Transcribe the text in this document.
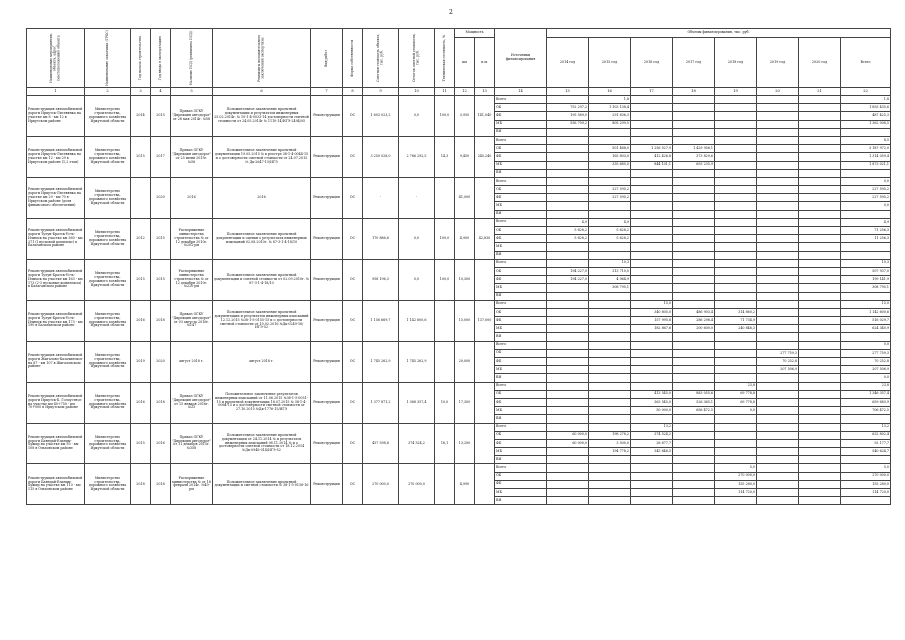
2
Наименование мероприятия, объекта, адрес (местоположение) объекта	Наименование заказчика (ГРБС)	Год начала строительства	Год ввода в эксплуатацию	Наличие ПСД (реквизиты ПСД)	Реквизиты положительного заключения экспертизы	Вид работ	Форма собственности	Сметная стоимость объекта, тыс. руб.	Остаток сметной стоимости, тыс. руб.	Техническая готовность, %	Мощность		Источники финансирования	Объемы финансирования, тыс. руб.							
											км	п.м.		2014 год	2015 год	2016 год	2017 год	2018 год	2019 год	2020 год	Всего
1	2	3	4	5	6	7	8	9	10	11	12	13	14	15	16	17	18	19	20	21	22
Реконструкция автомобильной дороги Иркутск-Листвянка на участке км 8 - км 12 в Иркутском районе	Министерство строительства, дорожного хозяйства Иркутской области	2014	2015	Приказ ОГКУ "Дирекция автодорог" от 28 мая 2014г. №58	Положительное заключение проектной документации и результатов инженерных 25.02.2014г. № 10-1-4-0033-14 достоверности сметной стоимости от 24.05.2014г № 1110-14/ИГЭ-2494/05	Реконструкция	ОС	1 603 023,2	0,0	100,0	3,950	141,040	Всего		1,8						1,8
													ОБ	752 297,2	1 103 138,4						1 855 435,6
													ФБ	195 589,0	291 836,3						487 425,3
													МБ	556 709,2	805 299,5						1 362 008,5
													ВИ								
Реконструкция автомобильной дороги Иркутск-Листвянка на участке км 12 - км 29 в Иркутском районе (1,2 этап)	Министерство строительства, дорожного хозяйства Иркутской области	2015	2017	Приказ ОГКУ "Дирекция автодорог" от 25 июня 2015г. №58	Положительное заключение проектной документации 19.05.2015 № в реестре 38-1-4-0044-15 и о достоверности сметной стоимости от 24.07.2015 № Дк-2647-15/ИГЭ	Реконструкция	ОС	3 250 028,0	2 786 292,5	14,3	9,450	245,240	Всего								8,5
													ОБ		501 488,0	1 256 527,9	1 429 956,1				3 187 972,0
													ФБ		165 803,0	412 426,8	373 829,6				1 314 059,4
													МБ		335 685,0	844 101,1	693 235,9				1 873 021,1
													ВИ								
Реконструкция автомобильной дороги Иркутск-Листвянка на участке км 29 - км 70 в Иркутском районе (доля финансового обеспечения)	Министерство строительства, дорожного хозяйства Иркутской области		2020	2016	2016	Реконструкция	ОС	-	-		41,000		Всего								0,0
													ОБ		227 595,2						227 595,2
													ФБ		227 595,2						227 595,2
													МБ								0,0
													ВИ								
Реконструкция автомобильной дороги Тулун-Братск-Усть-Илимск на участке км 360 - км 371 (I пусковой комплекс) в Балаганском районе	Министерство строительства, дорожного хозяйства Иркутской области	2012	2015	Распоряжение министерства строительства № от 12 декабря 2010г. №202-рм	Положительное заключение проектной документации и оценки о результатах инженерных изысканий 02.08.2010г. № 87-3-1-4-18/10	Реконструкция	ОС	170 886,6	0,0	100,0	4,900	42,830	Всего	4,9	4,9						4,9
													ОБ	5 628,2	5 628,2						71 256,3
													ФБ	5 628,2	5 628,2						11 256,3
													МБ								
													ВИ								
Реконструкция автомобильной дороги Тулун-Братск-Усть-Илимск на участке км 163 - км 173 (2-3 пусковые комплексы) в Балаганском районе	Министерство строительства, дорожного хозяйства Иркутской области	2015	2015	Распоряжение министерства строительства № от 12 декабря 2010г. №220-рм	Положительное заключение проектной документации и сметной стоимости от 02.09.2010г. № 87-3-1-4-18/10	Реконструкция	ОС	958 196,3	0,0	100,0	10,300		Всего		10,3						10,3
													ОБ	194 227,0	313 710,0						507 937,0
													ФБ	194 227,0	4 964,9						199 141,9
													МБ		308 795,1						308 795,1
													ВИ								
Реконструкция автомобильной дороги Тулун-Братск-Усть-Илимск на участке км 173 - км 190 в Балаганском районе	Министерство строительства, дорожного хозяйства Иркутской области	2016	2018	Приказ ОГКУ "Дирекция автодорог" от 03 августа 2016г. №147	Положительное заключение проектной документации и результатов инженерных изысканий 12.12.2015 №38-1-5-0155-15 и о достоверности сметной стоимости от 10.02.2016 №Дк-0249-16/ИГЭ-52	Реконструкция	ОС	1 156 669,7	1 142 600,6		15,000	137,000	Всего			15,0					15,0
													ОБ			340 805,0	486 903,4	314 860,2			1 142 600,6
													ФБ			157 995,8	286 298,4	71 734,9			516 029,7
													МБ			182 867,6	200 600,0	240 846,3			624 340,9
													ВИ								
Реконструкция автомобильной дороги Жигалово-Казачинское на 87 - км 107 в Жигаловском районе	Министерство строительства, дорожного хозяйства Иркутской области	2019	2020	август 2018 г.	август 2018 г.	Реконструкция	ОС	1 745 262,9	1 745 262,9		20,000		Всего								0,0
													ОБ						277 759,3		277 759,3
													ФБ						70 252,8		70 252,8
													МБ						207 506,9		207 506,9
													ВИ								0,0
Реконструкция автомобильной дороги Иркутск-Б. Голоустное на участке км 40+750 - км 70+000 в Иркутском районе	Министерство строительства, дорожного хозяйства Иркутской области	2016	2018	Приказ ОГКУ "Дирекция автодорог" от 15 января 2016г. №23	Положительное заключение результатов инженерных изысканий от 11.06.2015 №38-1-5-0051-15 и проектной документации 18.07.2015 № 38-1-4-0064-15 и о достоверности сметной стоимости от 27.10.2015 №Дк-1776-15/ИГЭ	Реконструкция	ОС	1 377 871,2	1 368 357,4	10,0	17,300		Всего					23,8			23,8
													ОБ			413 545,0	883 055,6	69 778,8			1 346 357,4
													ФБ			363 545,0	526 365,1	69 778,8			659 683,9
													МБ			50 000,0	656 472,5	0,0			706 472,5
													ВИ								
Реконструкция автомобильной дороги Баяндай-Еланцы-Хужир на участке км 95 - км 108 в Ольхонском районе	Министерство строительства, дорожного хозяйства Иркутской области	2015	2016	Приказ ОГКУ "Дирекция автодорог" от 11 декабря 2015г. №358	Положительное заключение проектной документации от 24.11.2014 № и результатов инженерных изысканий 08.11.2014 № и о достоверности сметной стоимости от 18.12.2014 №Дк-0948-014/ИГЭ-52	Реконструкция	ОС	457 598,8	374 524,2	18,1	13,200		Всего			13,2					13,2
													ОБ	60 000,0	198 278,2	374 524,2					632 802,4
													ФБ	60 000,0	3 500,0	28 677,7					92 177,7
													МБ		194 778,2	345 846,5					540 624,7
													ВИ								
Реконструкция автомобильной дороги Баяндай-Еланцы-Хужир на участке км 110 - км 115 в Ольхонском районе	Министерство строительства, дорожного хозяйства Иркутской области	2018	2018	Распоряжение министерства № от 18 февраля 2014г. №49-рм	Положительное заключение проектной документации и сметной стоимости № 38-1-5-0138-16	Реконструкция	ОС	270 000,0	270 000,0		4,990		Всего					5,0			5,0
													ОБ					270 000,0			270 000,0
													ФБ					155 280,0			155 280,0
													МБ					114 720,0			114 720,0
													ВИ								
